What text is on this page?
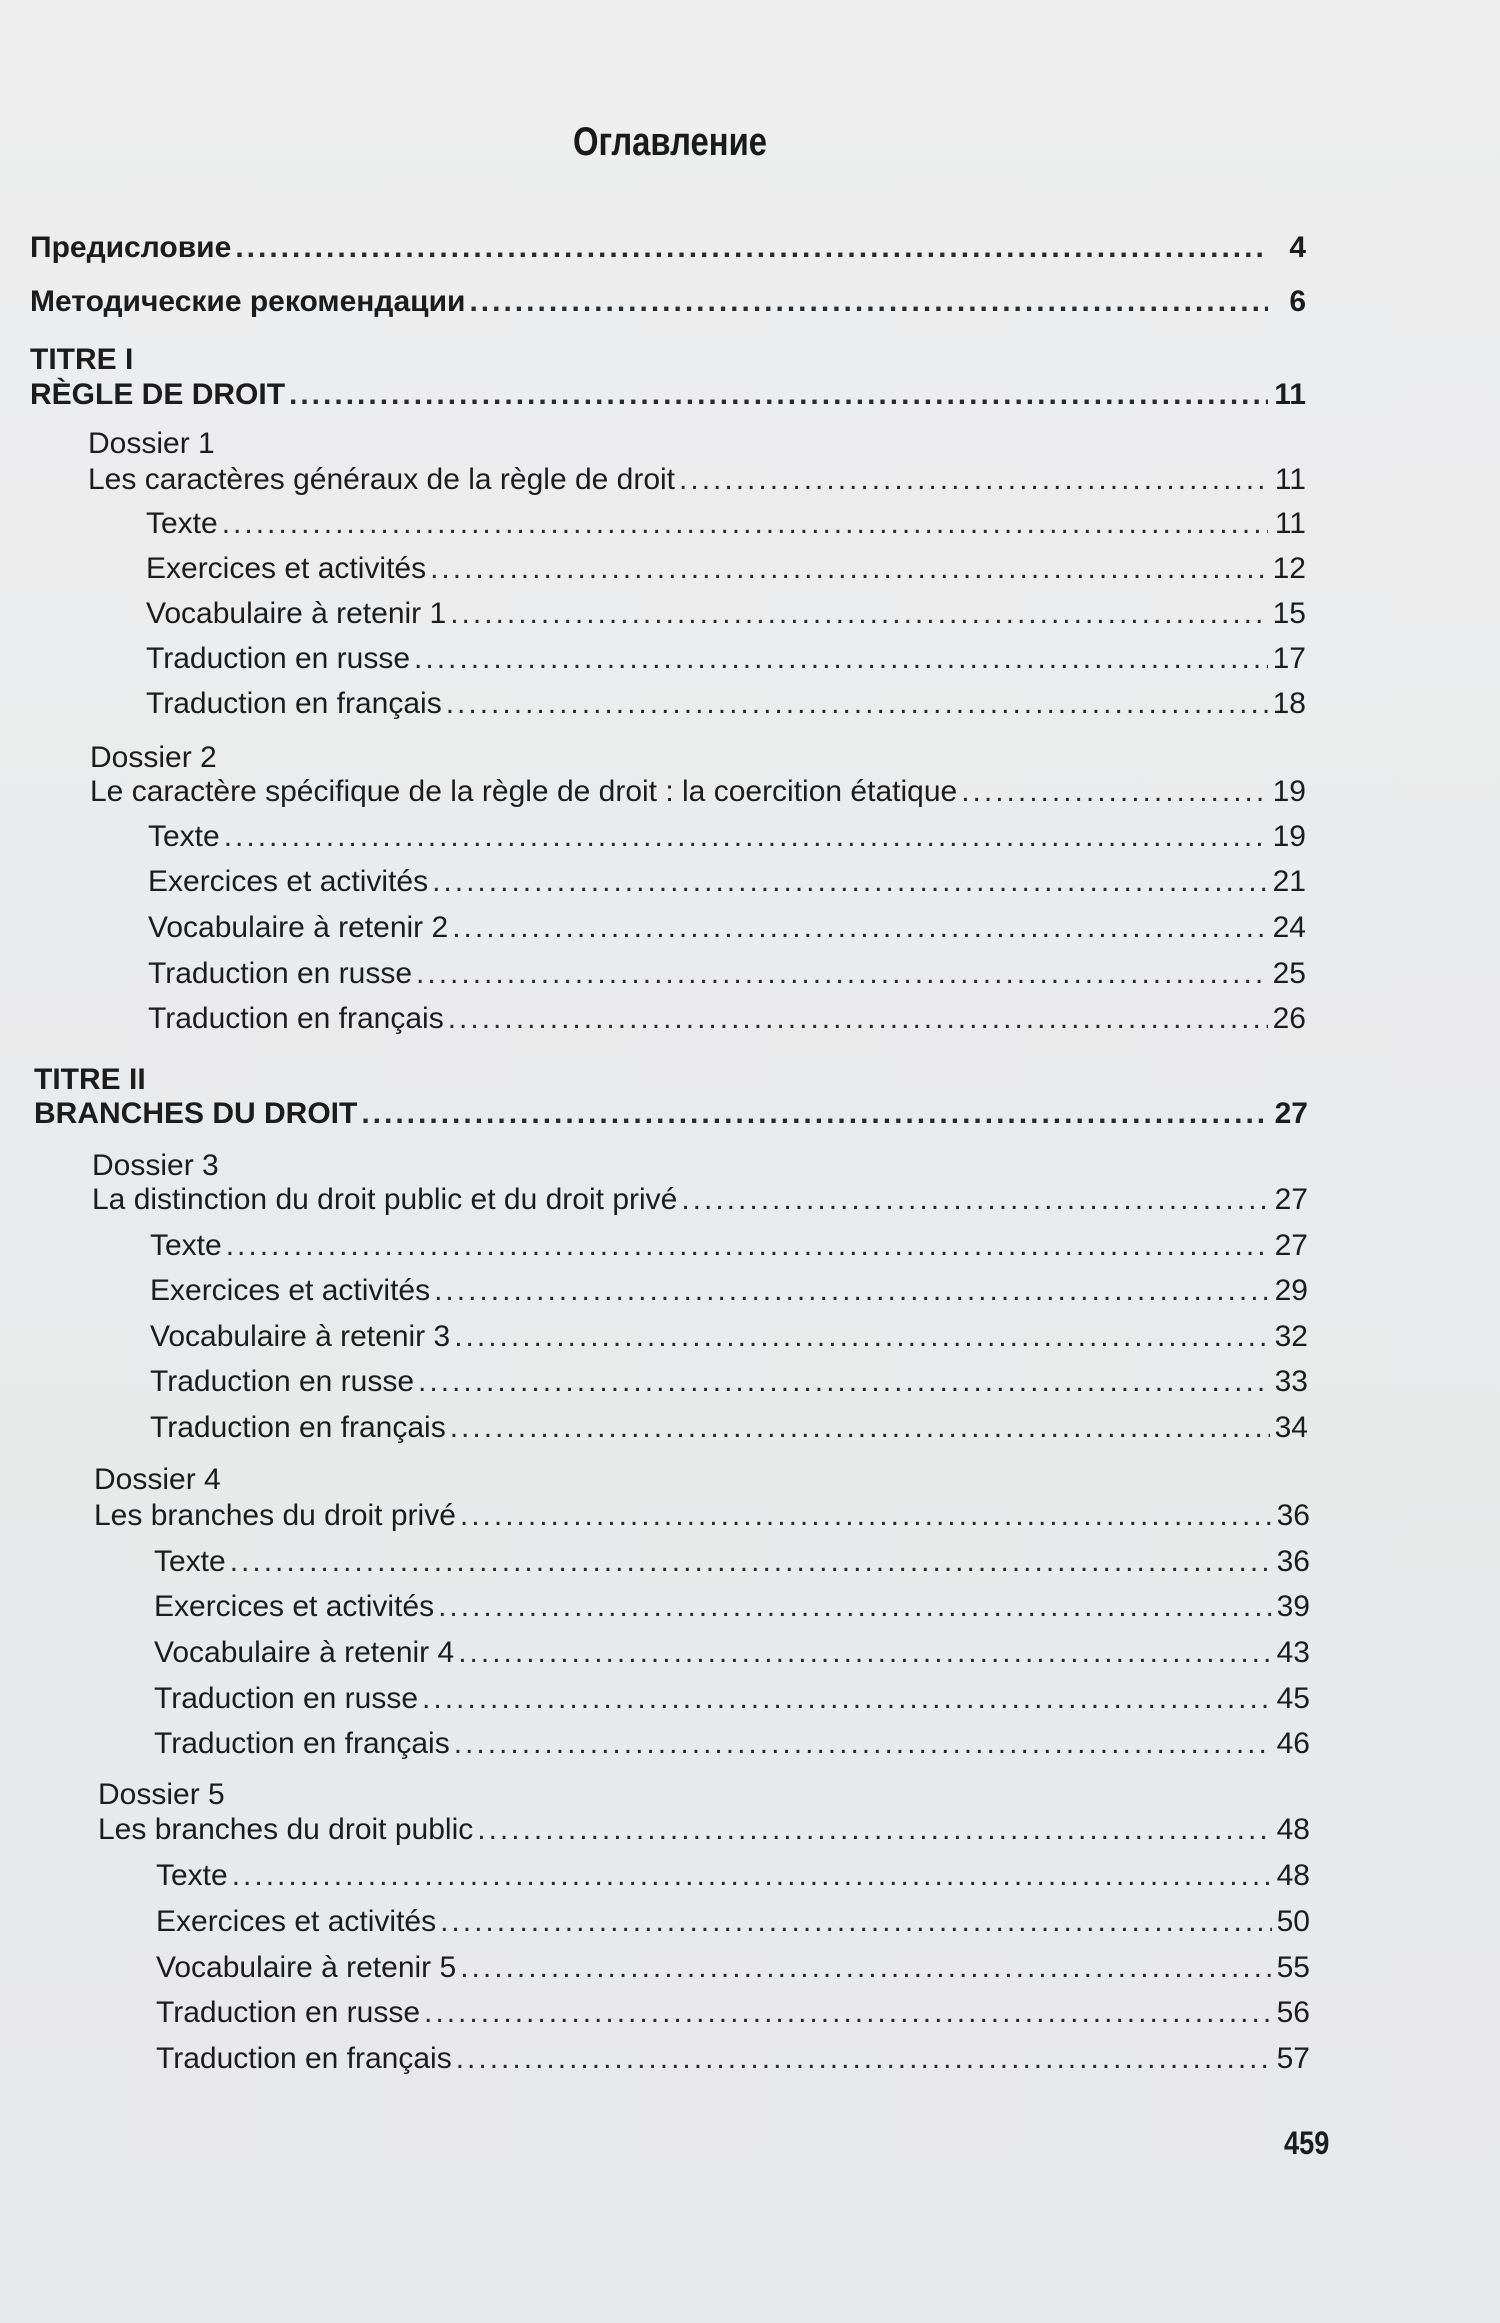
Оглавление
Предисловие .....	4
Методические рекомендации .....	6
TITRE I
RÈGLE DE DROIT .....	11
Dossier 1
Les caractères généraux de la règle de droit .....	11
Texte .....	11
Exercices et activités .....	12
Vocabulaire à retenir 1 .....	15
Traduction en russe .....	17
Traduction en français .....	18
Dossier 2
Le caractère spécifique de la règle de droit : la coercition étatique .....	19
Texte .....	19
Exercices et activités .....	21
Vocabulaire à retenir 2 .....	24
Traduction en russe .....	25
Traduction en français .....	26
TITRE II
BRANCHES DU DROIT .....	27
Dossier 3
La distinction du droit public et du droit privé .....	27
Texte .....	27
Exercices et activités .....	29
Vocabulaire à retenir 3 .....	32
Traduction en russe .....	33
Traduction en français .....	34
Dossier 4
Les branches du droit privé .....	36
Texte .....	36
Exercices et activités .....	39
Vocabulaire à retenir 4 .....	43
Traduction en russe .....	45
Traduction en français .....	46
Dossier 5
Les branches du droit public .....	48
Texte .....	48
Exercices et activités .....	50
Vocabulaire à retenir 5 .....	55
Traduction en russe .....	56
Traduction en français .....	57
459
